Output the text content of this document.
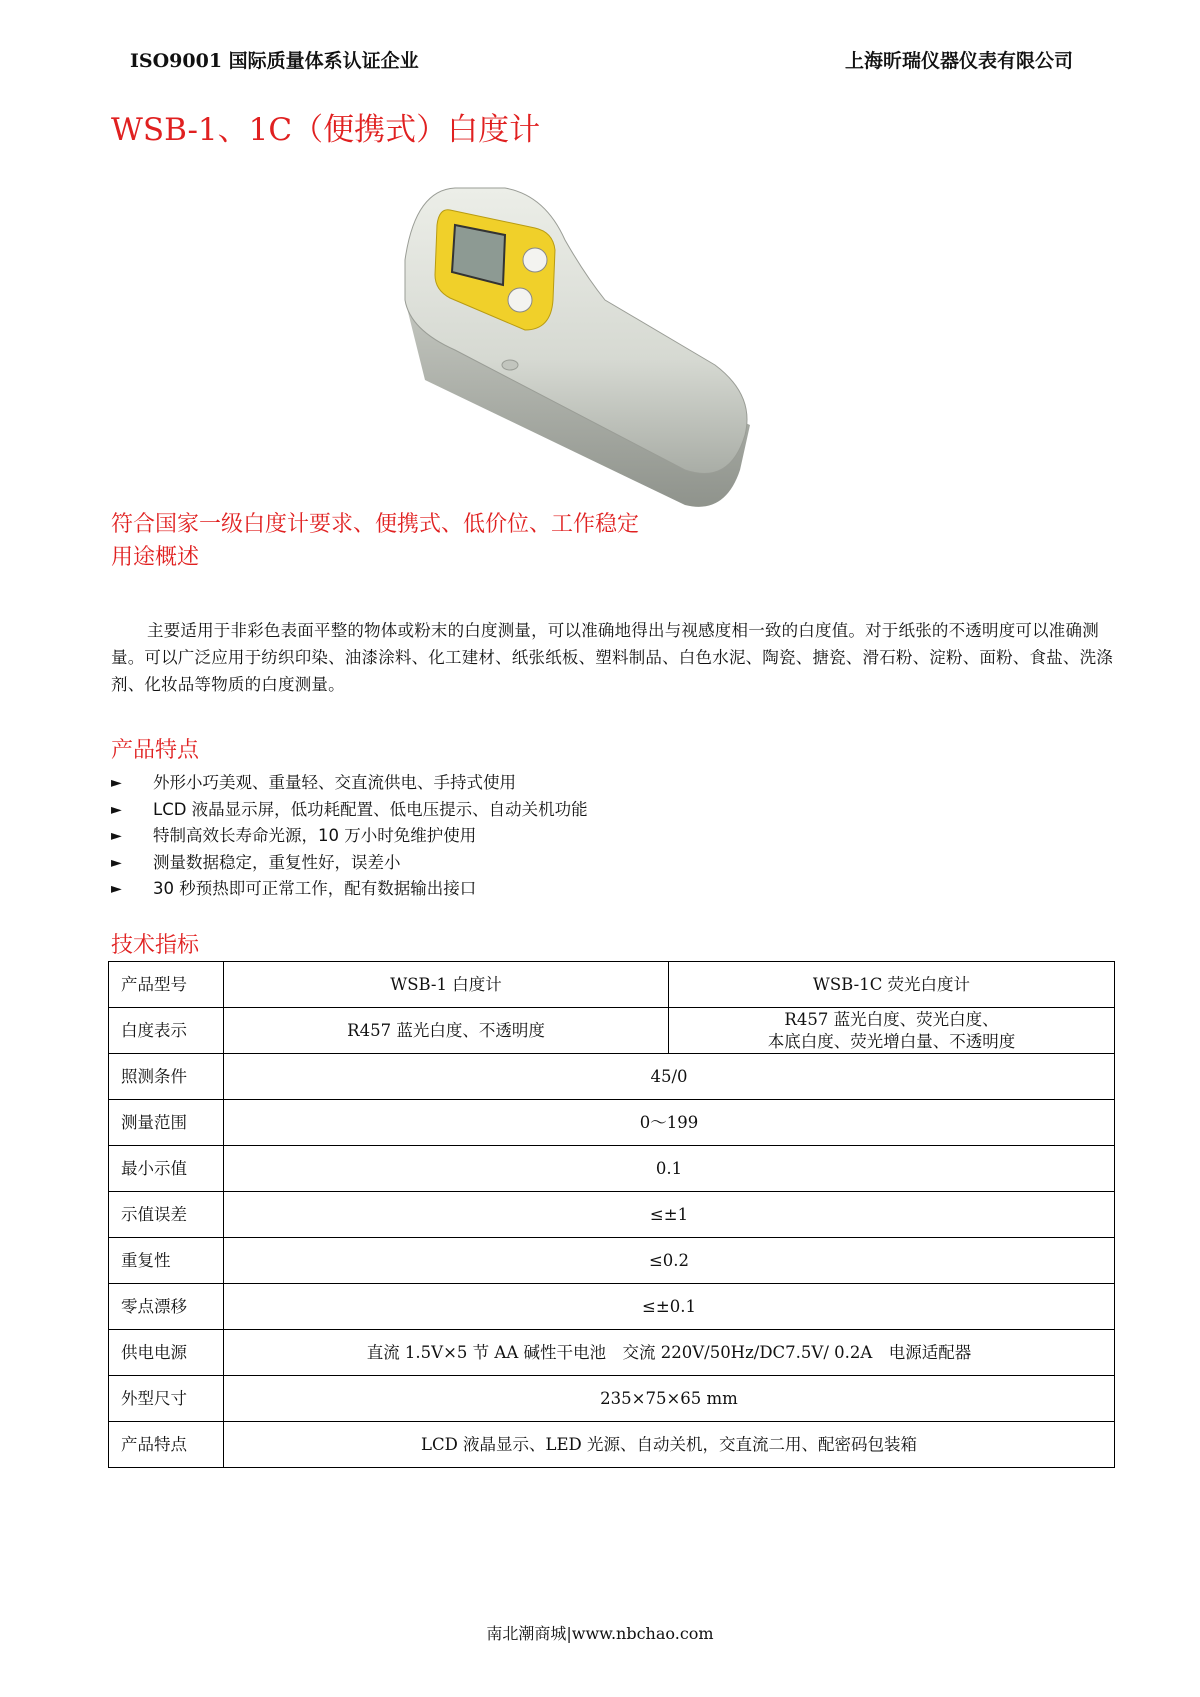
ISO9001 国际质量体系认证企业	上海昕瑞仪器仪表有限公司
WSB-1、1C（便携式）白度计
符合国家一级白度计要求、便携式、低价位、工作稳定
用途概述

主要适用于非彩色表面平整的物体或粉末的白度测量，可以准确地得出与视感度相一致的白度值。对于纸张的不透明度可以准确测量。可以广泛应用于纺织印染、油漆涂料、化工建材、纸张纸板、塑料制品、白色水泥、陶瓷、搪瓷、滑石粉、淀粉、面粉、食盐、洗涤剂、化妆品等物质的白度测量。

产品特点
►	外形小巧美观、重量轻、交直流供电、手持式使用
►	LCD 液晶显示屏，低功耗配置、低电压提示、自动关机功能
►	特制高效长寿命光源，10 万小时免维护使用
►	测量数据稳定，重复性好，误差小
►	30 秒预热即可正常工作，配有数据输出接口
技术指标
产品型号	WSB-1 白度计	WSB-1C 荧光白度计
白度表示	R457 蓝光白度、不透明度	R457 蓝光白度、荧光白度、
本底白度、荧光增白量、不透明度

照测条件	45/0	
测量范围	0～199	
最小示值	0.1	
示值误差	≤±1	
重复性	≤0.2	
零点漂移	≤±0.1	
供电电源	直流 1.5V×5 节 AA 碱性干电池　交流 220V/50Hz/DC7.5V/ 0.2A　电源适配器	
外型尺寸	235×75×65 mm	
产品特点	LCD 液晶显示、LED 光源、自动关机，交直流二用、配密码包装箱	
南北潮商城|www.nbchao.com
